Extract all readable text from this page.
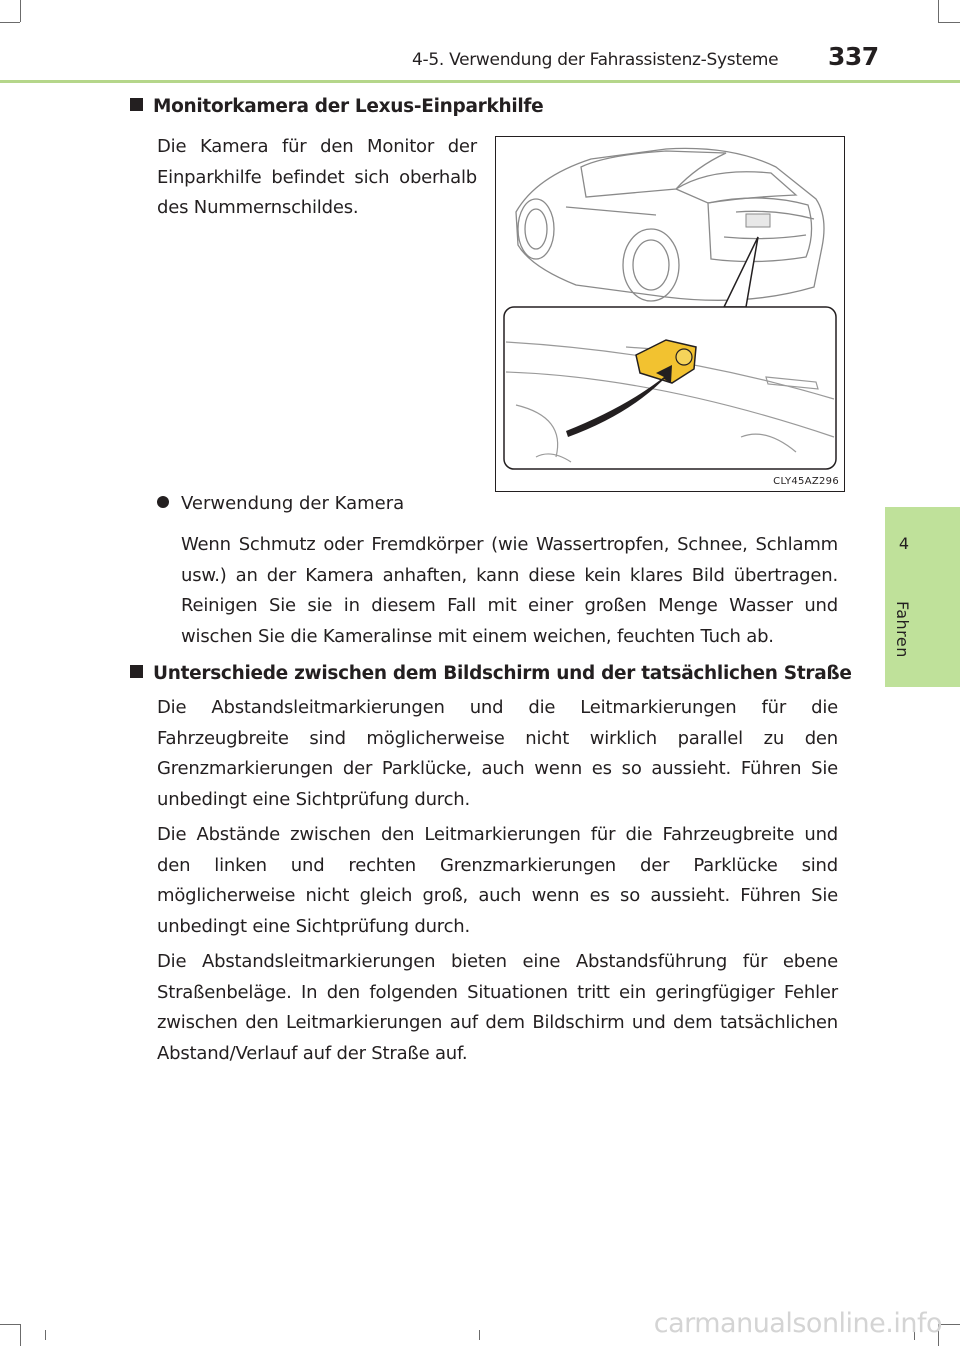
4-5. Verwendung der Fahrassistenz-Systeme 337
4
Fahren
Monitorkamera der Lexus-Einparkhilfe

Die Kamera für den Monitor der Einparkhilfe befindet sich oberhalb des Nummernschildes.

CLY45AZ296
Verwendung der Kamera

Wenn Schmutz oder Fremdkörper (wie Wassertropfen, Schnee, Schlamm usw.) an der Kamera anhaften, kann diese kein klares Bild übertragen. Reinigen Sie sie in diesem Fall mit einer großen Menge Wasser und wischen Sie die Kameralinse mit einem weichen, feuchten Tuch ab.

Unterschiede zwischen dem Bildschirm und der tatsächlichen Straße

Die Abstandsleitmarkierungen und die Leitmarkierungen für die Fahrzeugbreite sind möglicherweise nicht wirklich parallel zu den Grenzmarkierungen der Parklücke, auch wenn es so aussieht. Führen Sie unbedingt eine Sichtprüfung durch.

Die Abstände zwischen den Leitmarkierungen für die Fahrzeugbreite und den linken und rechten Grenzmarkierungen der Parklücke sind möglicherweise nicht gleich groß, auch wenn es so aussieht. Führen Sie unbedingt eine Sichtprüfung durch.

Die Abstandsleitmarkierungen bieten eine Abstandsführung für ebene Straßenbeläge. In den folgenden Situationen tritt ein geringfügiger Fehler zwischen den Leitmarkierungen auf dem Bildschirm und dem tatsächlichen Abstand/Verlauf auf der Straße auf.

carmanualsonline.info
